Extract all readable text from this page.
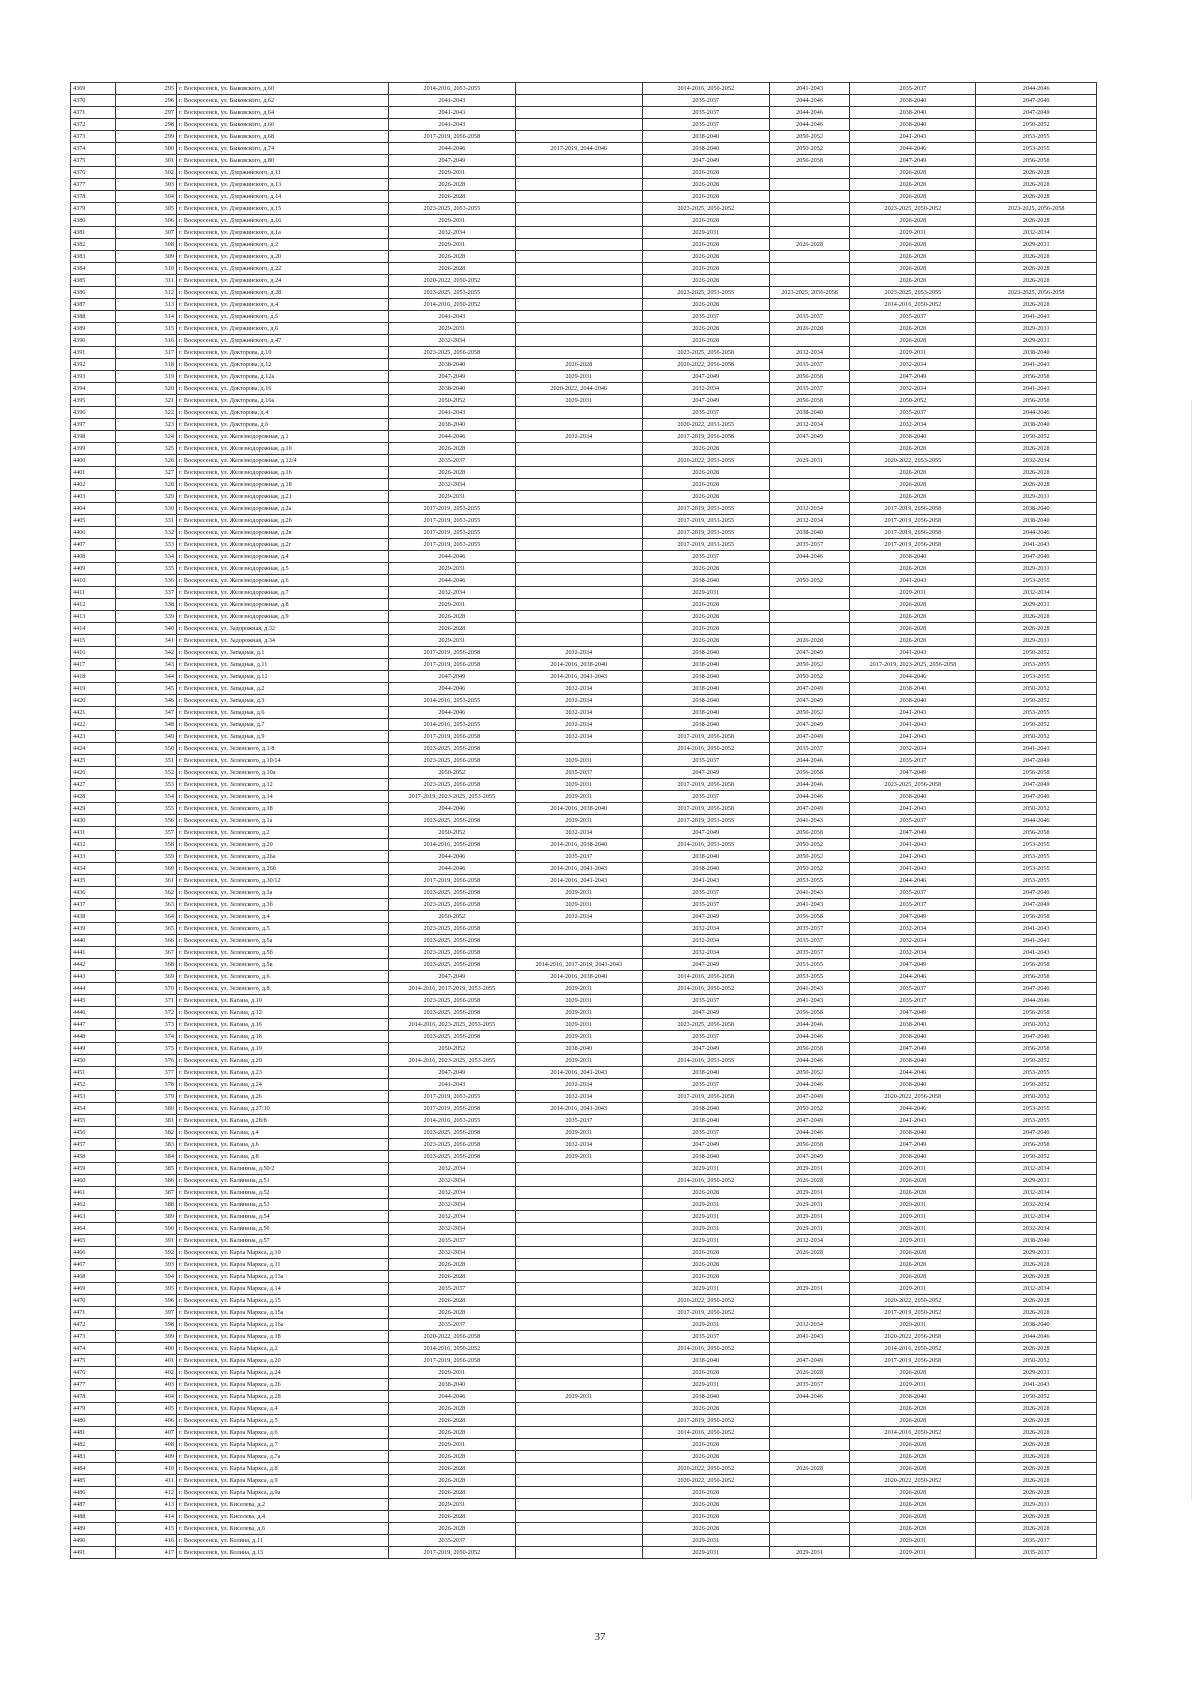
4369	295	г. Воскресенск, ул. Быковского, д.60	2014-2016, 2053-2055		2014-2016, 2050-2052	2041-2043	2035-2037	2044-2046
4370	296	г. Воскресенск, ул. Быковского, д.62	2041-2043		2035-2037	2044-2046	2038-2040	2047-2049
4371	297	г. Воскресенск, ул. Быковского, д.64	2041-2043		2035-2037	2044-2046	2038-2040	2047-2049
4372	298	г. Воскресенск, ул. Быковского, д.66	2041-2043		2035-2037	2044-2046	2038-2040	2050-2052
4373	299	г. Воскресенск, ул. Быковского, д.68	2017-2019, 2056-2058		2038-2040	2050-2052	2041-2043	2053-2055
4374	300	г. Воскресенск, ул. Быковского, д.74	2044-2046	2017-2019, 2044-2046	2038-2040	2050-2052	2044-2046	2053-2055
4375	301	г. Воскресенск, ул. Быковского, д.80	2047-2049		2047-2049	2056-2058	2047-2049	2056-2058
4376	302	г. Воскресенск, ул. Дзержинского, д.11	2029-2031		2026-2028		2026-2028	2026-2028
4377	303	г. Воскресенск, ул. Дзержинского, д.13	2026-2028		2026-2028		2026-2028	2026-2028
4378	304	г. Воскресенск, ул. Дзержинского, д.14	2026-2028		2026-2028		2026-2028	2026-2028
4379	305	г. Воскресенск, ул. Дзержинского, д.15	2023-2025, 2053-2055		2023-2025, 2050-2052		2023-2025, 2050-2052	2023-2025, 2056-2058
4380	306	г. Воскресенск, ул. Дзержинского, д.16	2029-2031		2026-2028		2026-2028	2026-2028
4381	307	г. Воскресенск, ул. Дзержинского, д.1а	2032-2034		2029-2031		2029-2031	2032-2034
4382	308	г. Воскресенск, ул. Дзержинского, д.2	2029-2031		2026-2028	2026-2028	2026-2028	2029-2031
4383	309	г. Воскресенск, ул. Дзержинского, д.20	2026-2028		2026-2028		2026-2028	2026-2028
4384	310	г. Воскресенск, ул. Дзержинского, д.22	2026-2028		2026-2028		2026-2028	2026-2028
4385	311	г. Воскресенск, ул. Дзержинского, д.24	2020-2022, 2050-2052		2026-2028		2026-2028	2026-2028
4386	312	г. Воскресенск, ул. Дзержинского, д.28	2023-2025, 2053-2055		2023-2025, 2053-2055	2023-2025, 2056-2058	2023-2025, 2053-2055	2023-2025, 2056-2058
4387	313	г. Воскресенск, ул. Дзержинского, д.4	2014-2016, 2050-2052		2026-2028		2014-2016, 2050-2052	2026-2028
4388	314	г. Воскресенск, ул. Дзержинского, д.5	2041-2043		2035-2037	2035-2037	2035-2037	2041-2043
4389	315	г. Воскресенск, ул. Дзержинского, д.6	2029-2031		2026-2028	2026-2028	2026-2028	2029-2031
4390	316	г. Воскресенск, ул. Дзержинского, д.47	2032-2034		2026-2028		2026-2028	2029-2031
4391	317	г. Воскресенск, ул. Докторова, д.10	2023-2025, 2056-2058		2023-2025, 2056-2058	2032-2034	2029-2031	2038-2040
4392	318	г. Воскресенск, ул. Докторова, д.12	2038-2040	2026-2028	2020-2022, 2056-2058	2035-2037	2032-2034	2041-2043
4393	319	г. Воскресенск, ул. Докторова, д.12а	2047-2049	2029-2031	2047-2049	2056-2058	2047-2049	2056-2058
4394	320	г. Воскресенск, ул. Докторова, д.16	2038-2040	2020-2022, 2044-2046	2032-2034	2035-2037	2032-2034	2041-2043
4395	321	г. Воскресенск, ул. Докторова, д.16а	2050-2052	2029-2031	2047-2049	2056-2058	2050-2052	2056-2058
4396	322	г. Воскресенск, ул. Докторова, д.4	2041-2043		2035-2037	2038-2040	2035-2037	2044-2046
4397	323	г. Воскресенск, ул. Докторова, д.6	2038-2040		2020-2022, 2053-2055	2032-2034	2032-2034	2038-2040
4398	324	г. Воскресенск, ул. Железнодорожная, д.1	2044-2046	2032-2034	2017-2019, 2056-2058	2047-2049	2038-2040	2050-2052
4399	325	г. Воскресенск, ул. Железнодорожная, д.10	2026-2028		2026-2028		2026-2028	2026-2028
4400	326	г. Воскресенск, ул. Железнодорожная, д.12/4	2035-2037		2020-2022, 2053-2055	2029-2031	2020-2022, 2053-2055	2032-2034
4401	327	г. Воскресенск, ул. Железнодорожная, д.16	2026-2028		2026-2028		2026-2028	2026-2028
4402	328	г. Воскресенск, ул. Железнодорожная, д.18	2032-2034		2026-2028		2026-2028	2026-2028
4403	329	г. Воскресенск, ул. Железнодорожная, д.21	2029-2031		2026-2028		2026-2028	2029-2031
4404	330	г. Воскресенск, ул. Железнодорожная, д.2а	2017-2019, 2053-2055		2017-2019, 2053-2055	2032-2034	2017-2019, 2056-2058	2038-2040
4405	331	г. Воскресенск, ул. Железнодорожная, д.2б	2017-2019, 2053-2055		2017-2019, 2053-2055	2032-2034	2017-2019, 2056-2058	2038-2040
4406	332	г. Воскресенск, ул. Железнодорожная, д.2в	2017-2019, 2053-2055		2017-2019, 2053-2055	2038-2040	2017-2019, 2056-2058	2044-2046
4407	333	г. Воскресенск, ул. Железнодорожная, д.2г	2017-2019, 2053-2055		2017-2019, 2053-2055	2035-2037	2017-2019, 2056-2058	2041-2043
4408	334	г. Воскресенск, ул. Железнодорожная, д.4	2044-2046		2035-2037	2044-2046	2038-2040	2047-2049
4409	335	г. Воскресенск, ул. Железнодорожная, д.5	2029-2031		2026-2028		2026-2028	2029-2031
4410	336	г. Воскресенск, ул. Железнодорожная, д.6	2044-2046		2038-2040	2050-2052	2041-2043	2053-2055
4411	337	г. Воскресенск, ул. Железнодорожная, д.7	2032-2034		2029-2031		2029-2031	2032-2034
4412	338	г. Воскресенск, ул. Железнодорожная, д.8	2029-2031		2026-2028		2026-2028	2029-2031
4413	339	г. Воскресенск, ул. Железнодорожная, д.9	2026-2028		2026-2028		2026-2028	2026-2028
4414	340	г. Воскресенск, ул. Задорожная, д.32	2026-2028		2026-2028		2026-2028	2026-2028
4415	341	г. Воскресенск, ул. Задорожная, д.34	2029-2031		2026-2028	2026-2028	2026-2028	2029-2031
4416	342	г. Воскресенск, ул. Западная, д.1	2017-2019, 2056-2058	2032-2034	2038-2040	2047-2049	2041-2043	2050-2052
4417	343	г. Воскресенск, ул. Западная, д.11	2017-2019, 2056-2058	2014-2016, 2038-2040	2038-2040	2050-2052	2017-2019, 2023-2025, 2056-2058	2053-2055
4418	344	г. Воскресенск, ул. Западная, д.12	2047-2049	2014-2016, 2041-2043	2038-2040	2050-2052	2044-2046	2053-2055
4419	345	г. Воскресенск, ул. Западная, д.2	2044-2046	2032-2034	2038-2040	2047-2049	2038-2040	2050-2052
4420	346	г. Воскресенск, ул. Западная, д.3	2014-2016, 2053-2055	2032-2034	2038-2040	2047-2049	2038-2040	2050-2052
4421	347	г. Воскресенск, ул. Западная, д.6	2044-2046	2032-2034	2038-2040	2050-2052	2041-2043	2053-2055
4422	348	г. Воскресенск, ул. Западная, д.7	2014-2016, 2053-2055	2032-2034	2038-2040	2047-2049	2041-2043	2050-2052
4423	349	г. Воскресенск, ул. Западная, д.9	2017-2019, 2056-2058	2032-2034	2017-2019, 2056-2058	2047-2049	2041-2043	2050-2052
4424	350	г. Воскресенск, ул. Зеленского, д.1/8	2023-2025, 2056-2058		2014-2016, 2050-2052	2035-2037	2032-2034	2041-2043
4425	351	г. Воскресенск, ул. Зеленского, д.10/14	2023-2025, 2056-2058	2029-2031	2035-2037	2044-2046	2035-2037	2047-2049
4426	352	г. Воскресенск, ул. Зеленского, д.10а	2050-2052	2035-2037	2047-2049	2056-2058	2047-2049	2056-2058
4427	353	г. Воскресенск, ул. Зеленского, д.12	2023-2025, 2056-2058	2029-2031	2017-2019, 2056-2058	2044-2046	2023-2025, 2056-2058	2047-2049
4428	354	г. Воскресенск, ул. Зеленского, д.14	2017-2019, 2023-2025, 2053-2055	2029-2031	2035-2037	2044-2046	2038-2040	2047-2049
4429	355	г. Воскресенск, ул. Зеленского, д.18	2044-2046	2014-2016, 2038-2040	2017-2019, 2056-2058	2047-2049	2041-2043	2050-2052
4430	356	г. Воскресенск, ул. Зеленского, д.1а	2023-2025, 2056-2058	2029-2031	2017-2019, 2053-2055	2041-2043	2035-2037	2044-2046
4431	357	г. Воскресенск, ул. Зеленского, д.2	2050-2052	2032-2034	2047-2049	2056-2058	2047-2049	2056-2058
4432	358	г. Воскресенск, ул. Зеленского, д.20	2014-2016, 2056-2058	2014-2016, 2038-2040	2014-2016, 2053-2055	2050-2052	2041-2043	2053-2055
4433	359	г. Воскресенск, ул. Зеленского, д.26а	2044-2046	2035-2037	2038-2040	2050-2052	2041-2043	2053-2055
4434	360	г. Воскресенск, ул. Зеленского, д.26б	2044-2046	2014-2016, 2041-2043	2038-2040	2050-2052	2041-2043	2053-2055
4435	361	г. Воскресенск, ул. Зеленского, д.30/12	2017-2019, 2056-2058	2014-2016, 2041-2043	2041-2043	2053-2055	2044-2046	2053-2055
4436	362	г. Воскресенск, ул. Зеленского, д.3а	2023-2025, 2056-2058	2029-2031	2035-2037	2041-2043	2035-2037	2047-2049
4437	363	г. Воскресенск, ул. Зеленского, д.3б	2023-2025, 2056-2058	2029-2031	2035-2037	2041-2043	2035-2037	2047-2049
4438	364	г. Воскресенск, ул. Зеленского, д.4	2050-2052	2032-2034	2047-2049	2056-2058	2047-2049	2056-2058
4439	365	г. Воскресенск, ул. Зеленского, д.5	2023-2025, 2056-2058		2032-2034	2035-2037	2032-2034	2041-2043
4440	366	г. Воскресенск, ул. Зеленского, д.5а	2023-2025, 2056-2058		2032-2034	2035-2037	2032-2034	2041-2043
4441	367	г. Воскресенск, ул. Зеленского, д.5б	2023-2025, 2056-2058		2032-2034	2035-2037	2032-2034	2041-2043
4442	368	г. Воскресенск, ул. Зеленского, д.5в	2023-2025, 2056-2058	2014-2016, 2017-2019, 2041-2043	2047-2049	2053-2055	2047-2049	2056-2058
4443	369	г. Воскресенск, ул. Зеленского, д.6	2047-2049	2014-2016, 2038-2040	2014-2016, 2056-2058	2053-2055	2044-2046	2056-2058
4444	370	г. Воскресенск, ул. Зеленского, д.8	2014-2016, 2017-2019, 2053-2055	2029-2031	2014-2016, 2050-2052	2041-2043	2035-2037	2047-2049
4445	371	г. Воскресенск, ул. Кагана, д.10	2023-2025, 2056-2058	2029-2031	2035-2037	2041-2043	2035-2037	2044-2046
4446	372	г. Воскресенск, ул. Кагана, д.12	2023-2025, 2056-2058	2029-2031	2047-2049	2056-2058	2047-2049	2056-2058
4447	373	г. Воскресенск, ул. Кагана, д.16	2014-2016, 2023-2025, 2053-2055	2029-2031	2023-2025, 2056-2058	2044-2046	2038-2040	2050-2052
4448	374	г. Воскресенск, ул. Кагана, д.18	2023-2025, 2056-2058	2029-2031	2035-2037	2044-2046	2038-2040	2047-2049
4449	375	г. Воскресенск, ул. Кагана, д.19	2050-2052	2038-2040	2047-2049	2056-2058	2047-2049	2056-2058
4450	376	г. Воскресенск, ул. Кагана, д.20	2014-2016, 2023-2025, 2053-2055	2029-2031	2014-2016, 2053-2055	2044-2046	2038-2040	2050-2052
4451	377	г. Воскресенск, ул. Кагана, д.23	2047-2049	2014-2016, 2041-2043	2038-2040	2050-2052	2044-2046	2053-2055
4452	378	г. Воскресенск, ул. Кагана, д.24	2041-2043	2032-2034	2035-2037	2044-2046	2038-2040	2050-2052
4453	379	г. Воскресенск, ул. Кагана, д.26	2017-2019, 2053-2055	2032-2034	2017-2019, 2056-2058	2047-2049	2020-2022, 2056-2058	2050-2052
4454	380	г. Воскресенск, ул. Кагана, д.27/10	2017-2019, 2056-2058	2014-2016, 2041-2043	2038-2040	2050-2052	2044-2046	2053-2055
4455	381	г. Воскресенск, ул. Кагана, д.28/8	2014-2016, 2053-2055	2035-2037	2038-2040	2047-2049	2041-2043	2053-2055
4456	382	г. Воскресенск, ул. Кагана, д.4	2023-2025, 2056-2058	2029-2031	2035-2037	2044-2046	2038-2040	2047-2049
4457	383	г. Воскресенск, ул. Кагана, д.6	2023-2025, 2056-2058	2032-2034	2047-2049	2056-2058	2047-2049	2056-2058
4458	384	г. Воскресенск, ул. Кагана, д.8	2023-2025, 2056-2058	2029-2031	2038-2040	2047-2049	2038-2040	2050-2052
4459	385	г. Воскресенск, ул. Калинина, д.50/2	2032-2034		2029-2031	2029-2031	2029-2031	2032-2034
4460	386	г. Воскресенск, ул. Калинина, д.51	2032-2034		2014-2016, 2050-2052	2026-2028	2026-2028	2029-2031
4461	387	г. Воскресенск, ул. Калинина, д.52	2032-2034		2026-2028	2029-2031	2026-2028	2032-2034
4462	388	г. Воскресенск, ул. Калинина, д.53	2032-2034		2029-2031	2029-2031	2029-2031	2032-2034
4463	389	г. Воскресенск, ул. Калинина, д.54	2032-2034		2029-2031	2029-2031	2029-2031	2032-2034
4464	390	г. Воскресенск, ул. Калинина, д.56	2032-2034		2029-2031	2029-2031	2029-2031	2032-2034
4465	391	г. Воскресенск, ул. Калинина, д.57	2035-2037		2029-2031	2032-2034	2029-2031	2038-2040
4466	392	г. Воскресенск, ул. Карла Маркса, д.10	2032-2034		2026-2028	2026-2028	2026-2028	2029-2031
4467	393	г. Воскресенск, ул. Карла Маркса, д.11	2026-2028		2026-2028		2026-2028	2026-2028
4468	394	г. Воскресенск, ул. Карла Маркса, д.13а	2026-2028		2026-2028		2026-2028	2026-2028
4469	395	г. Воскресенск, ул. Карла Маркса, д.14	2035-2037		2029-2031	2029-2031	2029-2031	2032-2034
4470	396	г. Воскресенск, ул. Карла Маркса, д.15	2026-2028		2020-2022, 2050-2052		2020-2022, 2050-2052	2026-2028
4471	397	г. Воскресенск, ул. Карла Маркса, д.15а	2026-2028		2017-2019, 2050-2052		2017-2019, 2050-2052	2026-2028
4472	398	г. Воскресенск, ул. Карла Маркса, д.16а	2035-2037		2029-2031	2032-2034	2029-2031	2038-2040
4473	399	г. Воскресенск, ул. Карла Маркса, д.18	2020-2022, 2056-2058		2035-2037	2041-2043	2020-2022, 2056-2058	2044-2046
4474	400	г. Воскресенск, ул. Карла Маркса, д.2	2014-2016, 2050-2052		2014-2016, 2050-2052		2014-2016, 2050-2052	2026-2028
4475	401	г. Воскресенск, ул. Карла Маркса, д.20	2017-2019, 2056-2058		2038-2040	2047-2049	2017-2019, 2056-2058	2050-2052
4476	402	г. Воскресенск, ул. Карла Маркса, д.24	2029-2031		2026-2028	2026-2028	2026-2028	2029-2031
4477	403	г. Воскресенск, ул. Карла Маркса, д.26	2038-2040		2029-2031	2035-2037	2029-2031	2041-2043
4478	404	г. Воскресенск, ул. Карла Маркса, д.28	2044-2046	2029-2031	2038-2040	2044-2046	2038-2040	2050-2052
4479	405	г. Воскресенск, ул. Карла Маркса, д.4	2026-2028		2026-2028		2026-2028	2026-2028
4480	406	г. Воскресенск, ул. Карла Маркса, д.5	2026-2028		2017-2019, 2050-2052		2026-2028	2026-2028
4481	407	г. Воскресенск, ул. Карла Маркса, д.6	2026-2028		2014-2016, 2050-2052		2014-2016, 2050-2052	2026-2028
4482	408	г. Воскресенск, ул. Карла Маркса, д.7	2029-2031		2026-2028		2026-2028	2026-2028
4483	409	г. Воскресенск, ул. Карла Маркса, д.7а	2026-2028		2026-2028		2026-2028	2026-2028
4484	410	г. Воскресенск, ул. Карла Маркса, д.8	2026-2028		2020-2022, 2050-2052	2026-2028	2026-2028	2026-2028
4485	411	г. Воскресенск, ул. Карла Маркса, д.9	2026-2028		2020-2022, 2050-2052		2020-2022, 2050-2052	2026-2028
4486	412	г. Воскресенск, ул. Карла Маркса, д.9а	2026-2028		2026-2028		2026-2028	2026-2028
4487	413	г. Воскресенск, ул. Киселева, д.2	2029-2031		2026-2028		2026-2028	2029-2031
4488	414	г. Воскресенск, ул. Киселева, д.4	2026-2028		2026-2028		2026-2028	2026-2028
4489	415	г. Воскресенск, ул. Киселева, д.6	2026-2028		2026-2028		2026-2028	2026-2028
4490	416	г. Воскресенск, ул. Колина, д.11	2035-2037		2029-2031		2029-2031	2035-2037
4491	417	г. Воскресенск, ул. Колина, д.13	2017-2019, 2050-2052		2029-2031	2029-2031	2029-2031	2035-2037
37
